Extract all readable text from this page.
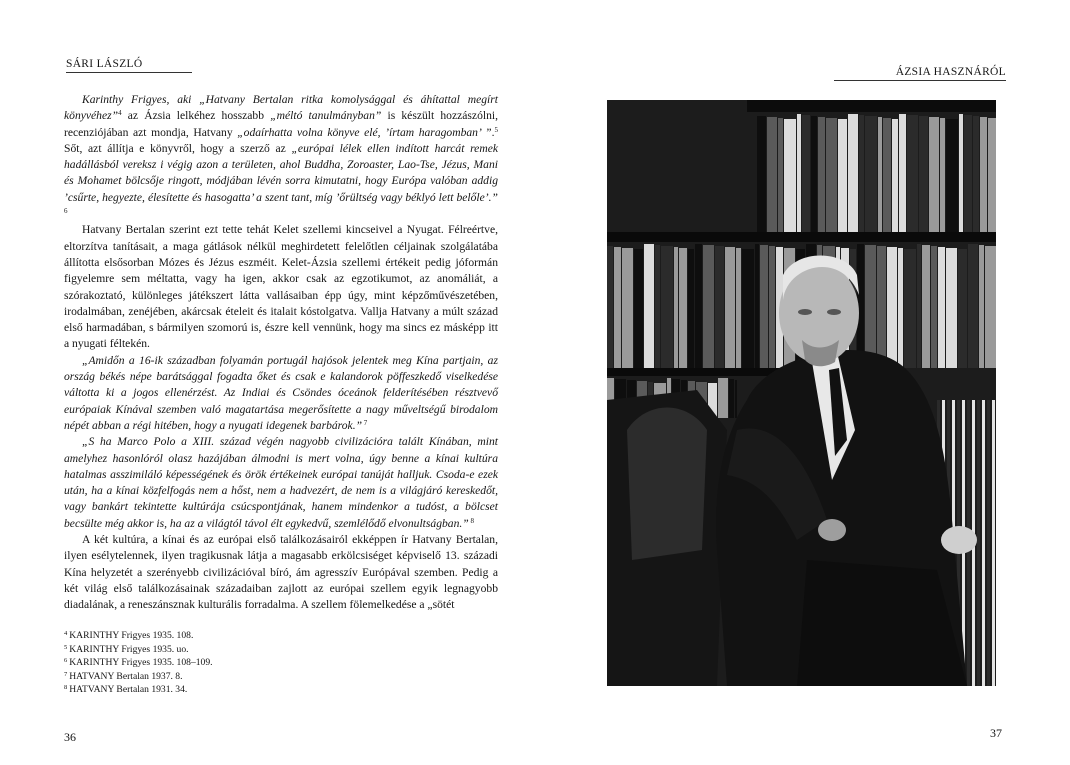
SÁRI LÁSZLÓ

Karinthy Frigyes, aki „Hatvany Bertalan ritka komolysággal és áhítattal megírt könyvéhez”$^4$ az Ázsia lelkéhez hosszabb „méltó tanulmányban” is készült hozzászólni, recenziójában azt mondja, Hatvany „odaírhatta volna könyve elé, ’írtam haragomban’ ”.$^5$ Sőt, azt állítja e könyvről, hogy a szerző az „európai lélek ellen indított harcát remek hadállásból vereksz i végig azon a területen, ahol Buddha, Zoroaster, Lao-Tse, Jézus, Mani és Mohamet bölcsője ringott, módjában lévén sorra kimutatni, hogy Európa valóban addig ’csűrte, hegyezte, élesítette és hasogatta’ a szent tant, míg ’őrültség vagy béklyó lett belőle’.” $^6$

Hatvany Bertalan szerint ezt tette tehát Kelet szellemi kincseivel a Nyugat. Félreértve, eltorzítva tanításait, a maga gátlások nélkül meghirdetett felelőtlen céljainak szolgálatába állította elsősorban Mózes és Jézus eszméit. Kelet-Ázsia szellemi értékeit pedig jóformán figyelemre sem méltatta, vagy ha igen, akkor csak az egzotikumot, az anomáliát, a szórakoztató, különleges játékszert látta vallásaiban épp úgy, mint képzőművészetében, irodalmában, zenéjében, akárcsak ételeit és italait kóstolgatva. Vallja Hatvany a múlt század első harmadában, s bármilyen szomorú is, észre kell vennünk, hogy ma sincs ez másképp itt a nyugati féltekén.

„Amidőn a 16-ik században folyamán portugál hajósok jelentek meg Kína partjain, az ország békés népe barátsággal fogadta őket és csak e kalandorok pöffeszkedő viselkedése váltotta ki a jogos ellenérzést. Az Indiai és Csöndes óceánok felderítésében résztvevő európaiak Kínával szemben való magatartása megerősítette a nagy műveltségű birodalom népét abban a régi hitében, hogy a nyugati idegenek barbárok.” $^7$

„S ha Marco Polo a XIII. század végén nagyobb civilizációra talált Kínában, mint amelyhez hasonlóról olasz hazájában álmodni is mert volna, úgy benne a kínai kultúra hatalmas asszimiláló képességének és örök értékeinek európai tanúját halljuk. Csoda-e ezek után, ha a kínai közfelfogás nem a hőst, nem a hadvezért, de nem is a világjáró kereskedőt, vagy bankárt tekintette kultúrája csúcspontjának, hanem mindenkor a tudóst, a bölcset becsülte még akkor is, ha az a világtól távol élt egykedvű, szemlélődő elvonultságban.” $^8$

A két kultúra, a kínai és az európai első találkozásairól ekképpen ír Hatvany Bertalan, ilyen esélytelennek, ilyen tragikusnak látja a magasabb erkölcsiséget képviselő 13. századi Kína helyzetét a szerényebb civilizációval bíró, ám agresszív Európával szemben. Pedig a két világ első találkozásainak századaiban zajlott az európai szellem egyik legnagyobb diadalának, a reneszánsznak kulturális forradalma. A szellem fölemelkedése a „sötét

$^4$ KARINTHY Frigyes 1935. 108.
$^5$ KARINTHY Frigyes 1935. uo.
$^6$ KARINTHY Frigyes 1935. 108–109.
$^7$ HATVANY Bertalan 1937. 8.
$^8$ HATVANY Bertalan 1931. 34.
36
ÁZSIA HASZNÁRÓL
37
